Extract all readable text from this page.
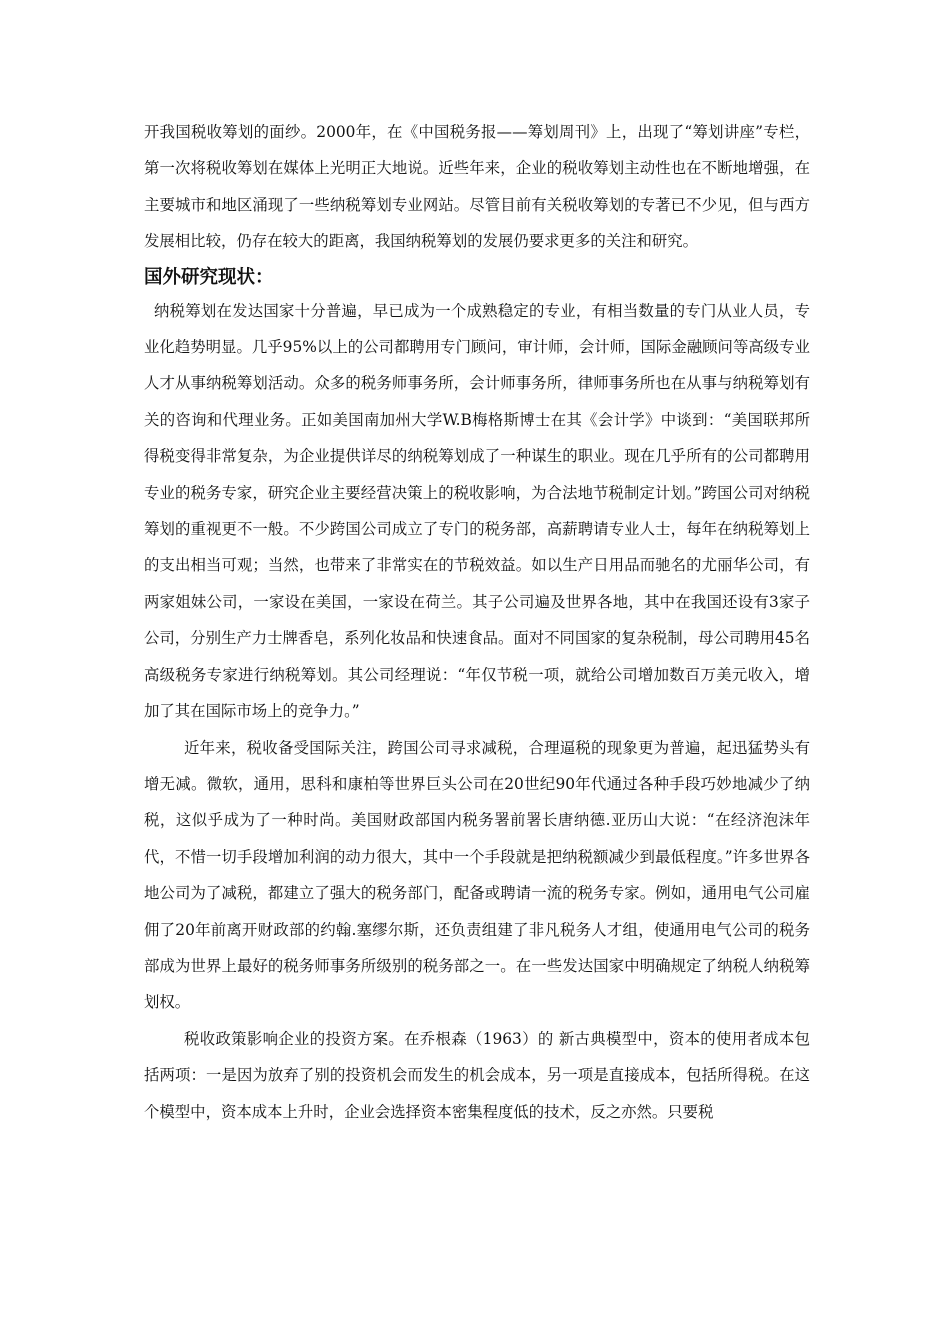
开我国税收筹划的面纱。2000年，在《中国税务报——筹划周刊》上，出现了“筹划讲座”专栏，第一次将税收筹划在媒体上光明正大地说。近些年来，企业的税收筹划主动性也在不断地增强，在主要城市和地区涌现了一些纳税筹划专业网站。尽管目前有关税收筹划的专著已不少见，但与西方发展相比较，仍存在较大的距离，我国纳税筹划的发展仍要求更多的关注和研究。

国外研究现状：

纳税筹划在发达国家十分普遍，早已成为一个成熟稳定的专业，有相当数量的专门从业人员，专业化趋势明显。几乎95%以上的公司都聘用专门顾问，审计师，会计师，国际金融顾问等高级专业人才从事纳税筹划活动。众多的税务师事务所，会计师事务所，律师事务所也在从事与纳税筹划有关的咨询和代理业务。正如美国南加州大学W.B梅格斯博士在其《会计学》中谈到：“美国联邦所得税变得非常复杂，为企业提供详尽的纳税筹划成了一种谋生的职业。现在几乎所有的公司都聘用专业的税务专家，研究企业主要经营决策上的税收影响，为合法地节税制定计划。”跨国公司对纳税筹划的重视更不一般。不少跨国公司成立了专门的税务部，高薪聘请专业人士，每年在纳税筹划上的支出相当可观；当然，也带来了非常实在的节税效益。如以生产日用品而驰名的尤丽华公司，有两家姐妹公司，一家设在美国，一家设在荷兰。其子公司遍及世界各地，其中在我国还设有3家子公司，分别生产力士牌香皂，系列化妆品和快速食品。面对不同国家的复杂税制，母公司聘用45名高级税务专家进行纳税筹划。其公司经理说：“年仅节税一项，就给公司增加数百万美元收入，增加了其在国际市场上的竞争力。”

近年来，税收备受国际关注，跨国公司寻求减税，合理逼税的现象更为普遍，起迅猛势头有增无减。微软，通用，思科和康柏等世界巨头公司在20世纪90年代通过各种手段巧妙地减少了纳税，这似乎成为了一种时尚。美国财政部国内税务署前署长唐纳德.亚历山大说：“在经济泡沫年代，不惜一切手段增加利润的动力很大，其中一个手段就是把纳税额减少到最低程度。”许多世界各地公司为了减税，都建立了强大的税务部门，配备或聘请一流的税务专家。例如，通用电气公司雇佣了20年前离开财政部的约翰.塞缪尔斯，还负责组建了非凡税务人才组，使通用电气公司的税务部成为世界上最好的税务师事务所级别的税务部之一。在一些发达国家中明确规定了纳税人纳税筹划权。

税收政策影响企业的投资方案。在乔根森（1963）的 新古典模型中，资本的使用者成本包括两项：一是因为放弃了别的投资机会而发生的机会成本，另一项是直接成本，包括所得税。在这个模型中，资本成本上升时，企业会选择资本密集程度低的技术，反之亦然。只要税
